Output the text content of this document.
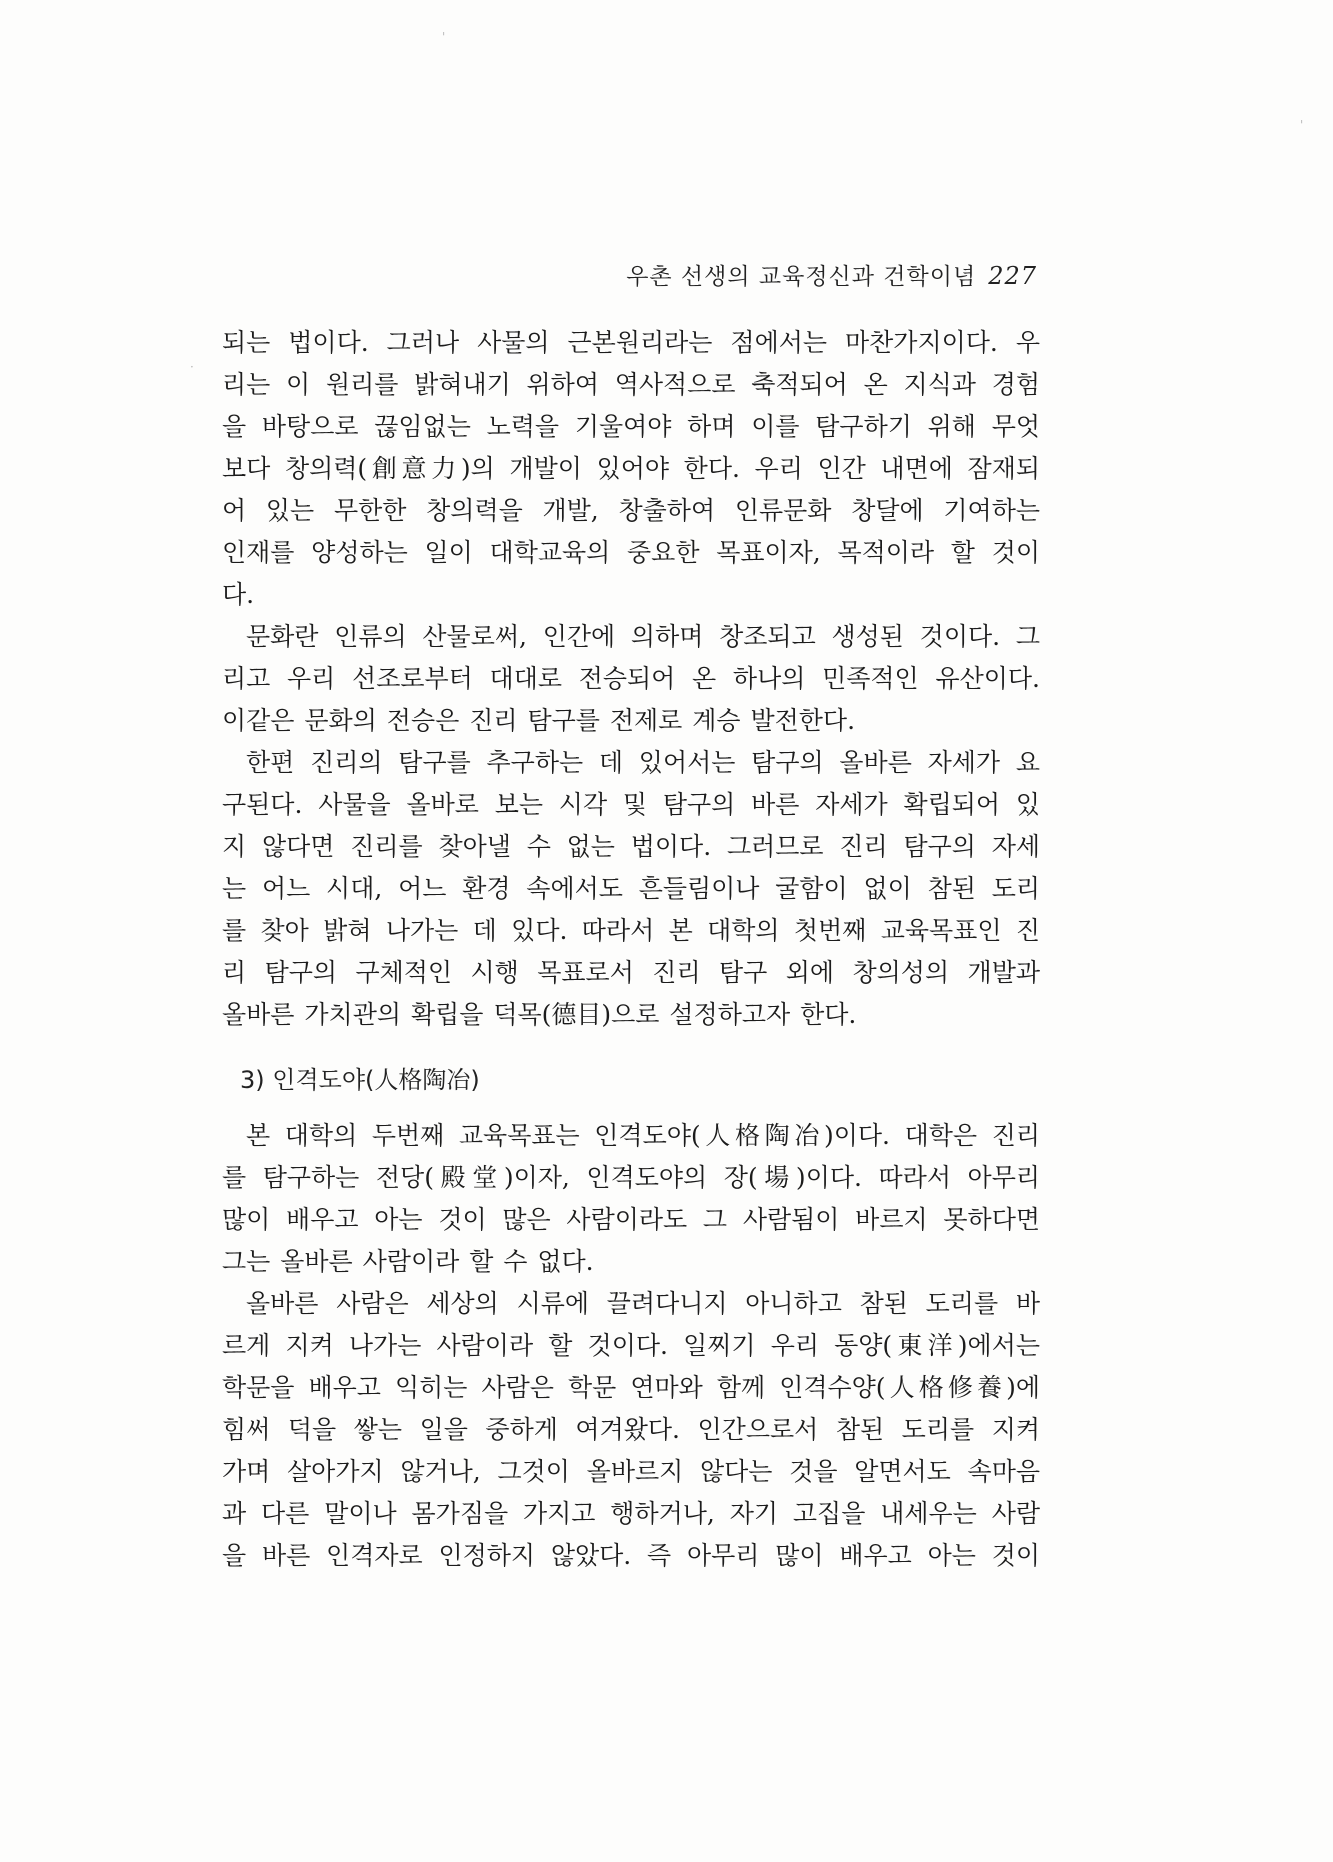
'
·
'
우촌 선생의 교육정신과 건학이념 227
되는 법이다. 그러나 사물의 근본원리라는 점에서는 마찬가지이다. 우
리는 이 원리를 밝혀내기 위하여 역사적으로 축적되어 온 지식과 경험
을 바탕으로 끊임없는 노력을 기울여야 하며 이를 탐구하기 위해 무엇
보다 창의력(創意力)의 개발이 있어야 한다. 우리 인간 내면에 잠재되
어 있는 무한한 창의력을 개발, 창출하여 인류문화 창달에 기여하는
인재를 양성하는 일이 대학교육의 중요한 목표이자, 목적이라 할 것이
다.
문화란 인류의 산물로써, 인간에 의하며 창조되고 생성된 것이다. 그
리고 우리 선조로부터 대대로 전승되어 온 하나의 민족적인 유산이다.
이같은 문화의 전승은 진리 탐구를 전제로 계승 발전한다.
한편 진리의 탐구를 추구하는 데 있어서는 탐구의 올바른 자세가 요
구된다. 사물을 올바로 보는 시각 및 탐구의 바른 자세가 확립되어 있
지 않다면 진리를 찾아낼 수 없는 법이다. 그러므로 진리 탐구의 자세
는 어느 시대, 어느 환경 속에서도 흔들림이나 굴함이 없이 참된 도리
를 찾아 밝혀 나가는 데 있다. 따라서 본 대학의 첫번째 교육목표인 진
리 탐구의 구체적인 시행 목표로서 진리 탐구 외에 창의성의 개발과
올바른 가치관의 확립을 덕목(德目)으로 설정하고자 한다.
3) 인격도야(人格陶冶)
본 대학의 두번째 교육목표는 인격도야(人格陶冶)이다. 대학은 진리
를 탐구하는 전당(殿堂)이자, 인격도야의 장(場)이다. 따라서 아무리
많이 배우고 아는 것이 많은 사람이라도 그 사람됨이 바르지 못하다면
그는 올바른 사람이라 할 수 없다.
올바른 사람은 세상의 시류에 끌려다니지 아니하고 참된 도리를 바
르게 지켜 나가는 사람이라 할 것이다. 일찌기 우리 동양(東洋)에서는
학문을 배우고 익히는 사람은 학문 연마와 함께 인격수양(人格修養)에
힘써 덕을 쌓는 일을 중하게 여겨왔다. 인간으로서 참된 도리를 지켜
가며 살아가지 않거나, 그것이 올바르지 않다는 것을 알면서도 속마음
과 다른 말이나 몸가짐을 가지고 행하거나, 자기 고집을 내세우는 사람
을 바른 인격자로 인정하지 않았다. 즉 아무리 많이 배우고 아는 것이
